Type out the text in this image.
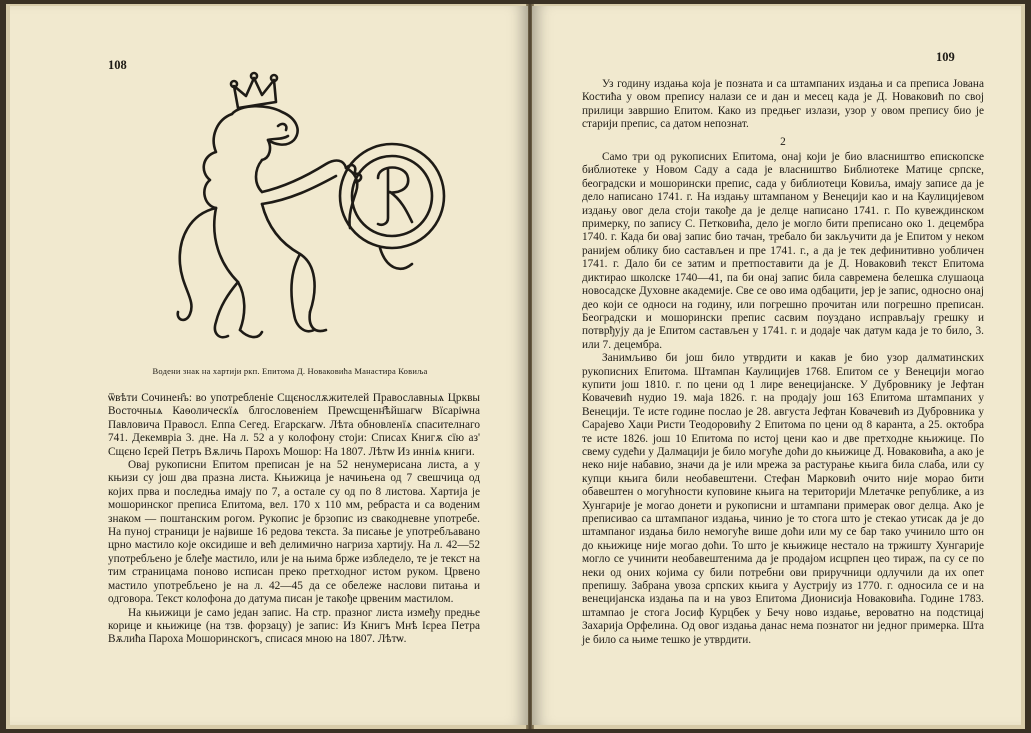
108
Водени знак на хартији ркп. Епитома Д. Новаковића Манастира Ковиља

ѿвѣти Сочинен҄ъ: во употребленіе Сщєнослѫжителей Православныѧ Црквы Восточныѧ Каѳолическїѧ блгословеніем Преѡсщенн҄ѣйшагѡ Вїсаріѡна Павловича Правосл. Еппа Сегед. Егарскагѡ. Лѣта обновленїѧ спасителнаго 741. Декемвріа 3. дне. На л. 52 а у колофону стоји: Списах Книгѫ сїю аз' Сщєно Ієрей Петръ Вѫличь Парохъ Мошор: На 1807. Лѣтѡ Из инніѧ книги.

Овај рукописни Епитом преписан је на 52 ненумерисана листа, а у књизи су још два празна листа. Књижица је начињена од 7 свешчица од којих прва и последња имају по 7, а остале су од по 8 листова. Хартија је мошоринског преписа Епитома, вел. 170 x 110 мм, ребраста и са воденим знаком — поштанским рогом. Рукопис је брзопис из свакодневне употребе. На пуној страници је највише 16 редова текста. За писање је употребљавано црно мастило које оксидише и већ делимично нагриза хартију. На л. 42—52 употребљено је блеђе мастило, или је на њима брже избледело, те је текст на тим страницама поново исписан преко претходног истом руком. Црвено мастило употребљено је на л. 42—45 да се обележе наслови питања и одговора. Текст колофона до датума писан је такође црвеним мастилом.

На књижици је само један запис. На стр. празног листа између предње корице и књижице (на тзв. форзацу) је запис: Из Книгъ Мнѣ Ієреа Петра Вѫлића Пароха Мошоринскогъ, списася мною на 1807. Лѣтѡ.

109

Уз годину издања која је позната и са штампаних издања и са преписа Јована Костића у овом препису налази се и дан и месец када је Д. Новаковић по свој прилици завршио Епитом. Како из предњег излази, узор у овом препису био је старији препис, са датом непознат.

2

Само три од рукописних Епитома, онај који је био власништво епископске библиотеке у Новом Саду а сада је власништво Библиотеке Матице српске, београдски и мошорински препис, сада у библиотеци Ковиља, имају записе да је дело написано 1741. г. На издању штампаном у Венецији као и на Каулицијевом издању овог дела стоји такође да је делце написано 1741. г. По кувеждинском примерку, по запису С. Петковића, дело је могло бити преписано око 1. децембра 1740. г. Када би овај запис био тачан, требало би закључити да је Епитом у неком ранијем облику био састављен и пре 1741. г., а да је тек дефинитивно уобличен 1741. г. Дало би се затим и претпоставити да је Д. Новаковић текст Епитома диктирао школске 1740—41, па би онај запис била савремена белешка слушаоца новосадске Духовне академије. Све се ово има одбацити, јер је запис, односно онај део који се односи на годину, или погрешно прочитан или погрешно преписан. Београдски и мошорински препис сасвим поуздано исправљају грешку и потврђују да је Епитом састављен у 1741. г. и додаје чак датум када је то било, 3. или 7. децембра.

Занимљиво би још било утврдити и какав је био узор далматинских рукописних Епитома. Штампан Каулицијев 1768. Епитом се у Венецији могао купити још 1810. г. по цени од 1 лире венецијанске. У Дубровнику је Јефтан Ковачевић нудио 19. маја 1826. г. на продају још 163 Епитома штампаних у Венецији. Те исте године послао је 28. августа Јефтан Ковачевић из Дубровника у Сарајево Хаџи Ристи Теодоровићу 2 Епитома по цени од 8 каранта, а 25. октобра те исте 1826. још 10 Епитома по истој цени као и две претходне књижице. По свему судећи у Далмацији је било могуће доћи до књижице Д. Новаковића, а ако је неко није набавио, значи да је или мрежа за растурање књига била слаба, или су купци књига били необавештени. Стефан Марковић очито није морао бити обавештен о могућности куповине књига на територији Млетачке републике, а из Хунгарије је могао донети и рукописни и штампани примерак овог делца. Ако је преписивао са штампаног издања, чинио је то стога што је стекао утисак да је до штампаног издања било немогуће више доћи или му се бар тако учинило што он до књижице није могао доћи. То што је књижице нестало на тржишту Хунгарије могло се учинити необавештенима да је продајом исцрпен цео тираж, па су се по неки од оних којима су били потребни ови приручници одлучили да их опет препишу. Забрана увоза српских књига у Аустрију из 1770. г. односила се и на венецијанска издања па и на увоз Епитома Дионисија Новаковића. Године 1783. штампао је стога Јосиф Курцбек у Бечу ново издање, вероватно на подстицај Захарија Орфелина. Од овог издања данас нема познатог ни једног примерка. Шта је било са њиме тешко је утврдити.
